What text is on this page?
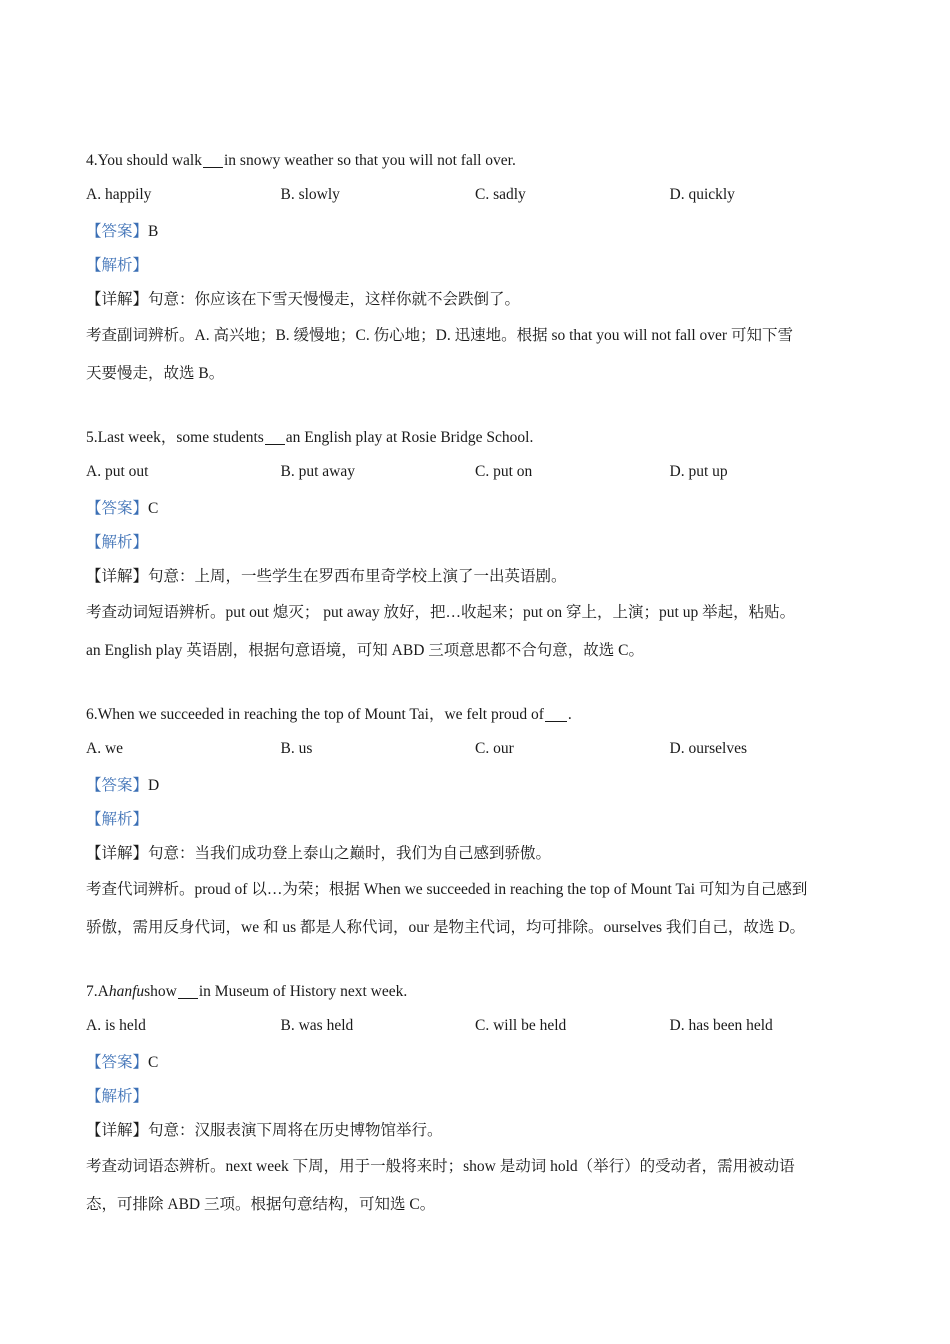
4.You should walk in snowy weather so that you will not fall over.
A. happily	B. slowly	C. sadly	D. quickly
【答案】 B
【解析】
【详解】 句意：你应该在下雪天慢慢走，这样你就不会跌倒了。
考查副词辨析。A. 高兴地；B. 缓慢地；C. 伤心地；D. 迅速地。根据 so that you will not fall over 可知下雪
天要慢走，故选 B。
5.Last week，some students an English play at Rosie Bridge School.
A. put out	B. put away	C. put on	D. put up
【答案】 C
【解析】
【详解】 句意：上周，一些学生在罗西布里奇学校上演了一出英语剧。
考查动词短语辨析。put out 熄灭； put away 放好，把…收起来；put on 穿上，上演；put up 举起，粘贴。
an English play 英语剧，根据句意语境，可知 ABD 三项意思都不合句意，故选 C。
6.When we succeeded in reaching the top of Mount Tai，we felt proud of .
A. we	B. us	C. our	D. ourselves
【答案】 D
【解析】
【详解】 句意：当我们成功登上泰山之巅时，我们为自己感到骄傲。
考查代词辨析。proud of 以…为荣；根据 When we succeeded in reaching the top of Mount Tai 可知为自己感到
骄傲，需用反身代词，we 和 us 都是人称代词，our 是物主代词，均可排除。ourselves 我们自己，故选 D。
7.A hanfu show in Museum of History next week.
A. is held	B. was held	C. will be held	D. has been held
【答案】 C
【解析】
【详解】 句意：汉服表演下周将在历史博物馆举行。
考查动词语态辨析。next week 下周，用于一般将来时；show 是动词 hold（举行）的受动者，需用被动语
态，可排除 ABD 三项。根据句意结构，可知选 C。
